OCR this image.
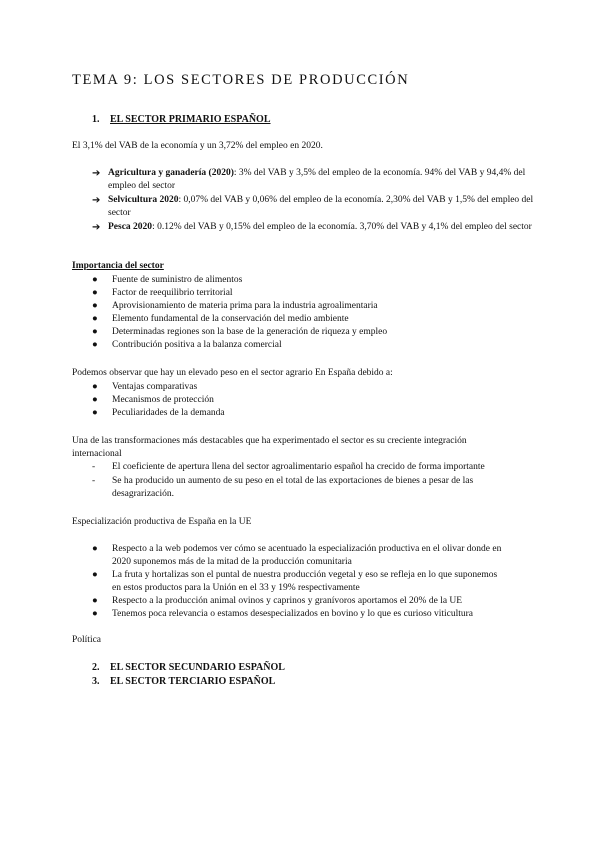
TEMA 9: LOS SECTORES DE PRODUCCIÓN
1. EL SECTOR PRIMARIO ESPAÑOL
El 3,1% del VAB de la economía y un 3,72% del empleo en 2020.
➔ Agricultura y ganadería (2020): 3% del VAB y 3,5% del empleo de la economía. 94% del VAB y 94,4% del empleo del sector
➔ Selvicultura 2020: 0,07% del VAB y 0,06% del empleo de la economía. 2,30% del VAB y 1,5% del empleo del sector
➔ Pesca 2020: 0.12% del VAB y 0,15% del empleo de la economía. 3,70% del VAB y 4,1% del empleo del sector
Importancia del sector
● Fuente de suministro de alimentos
● Factor de reequilibrio territorial
● Aprovisionamiento de materia prima para la industria agroalimentaria
● Elemento fundamental de la conservación del medio ambiente
● Determinadas regiones son la base de la generación de riqueza y empleo
● Contribución positiva a la balanza comercial
Podemos observar que hay un elevado peso en el sector agrario En España debido a:
● Ventajas comparativas
● Mecanismos de protección
● Peculiaridades de la demanda
Una de las transformaciones más destacables que ha experimentado el sector es su creciente integración
internacional
- El coeficiente de apertura llena del sector agroalimentario español ha crecido de forma importante
- Se ha producido un aumento de su peso en el total de las exportaciones de bienes a pesar de las
desagrarización.
Especialización productiva de España en la UE
● Respecto a la web podemos ver cómo se acentuado la especialización productiva en el olivar donde en
2020 suponemos más de la mitad de la producción comunitaria
● La fruta y hortalizas son el puntal de nuestra producción vegetal y eso se refleja en lo que suponemos
en estos productos para la Unión en el 33 y 19% respectivamente
● Respecto a la producción animal ovinos y caprinos y granívoros aportamos el 20% de la UE
● Tenemos poca relevancia o estamos desespecializados en bovino y lo que es curioso viticultura
Política
2. EL SECTOR SECUNDARIO ESPAÑOL
3. EL SECTOR TERCIARIO ESPAÑOL
